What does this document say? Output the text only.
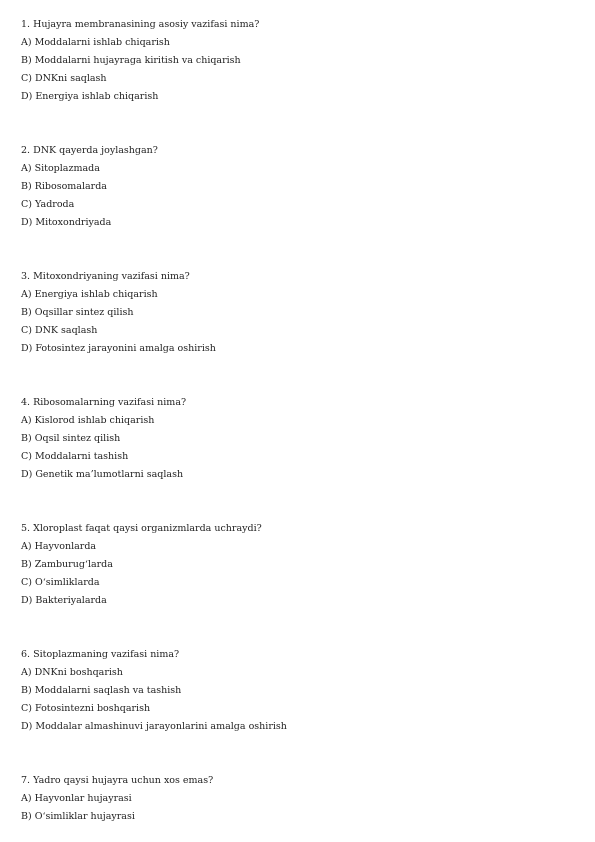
1. Hujayra membranasining asosiy vazifasi nima?
A) Moddalarni ishlab chiqarish
B) Moddalarni hujayraga kiritish va chiqarish
C) DNKni saqlash
D) Energiya ishlab chiqarish
2. DNK qayerda joylashgan?
A) Sitoplazmada
B) Ribosomalarda
C) Yadroda
D) Mitoxondriyada
3. Mitoxondriyaning vazifasi nima?
A) Energiya ishlab chiqarish
B) Oqsillar sintez qilish
C) DNK saqlash
D) Fotosintez jarayonini amalga oshirish
4. Ribosomalarning vazifasi nima?
A) Kislorod ishlab chiqarish
B) Oqsil sintez qilish
C) Moddalarni tashish
D) Genetik ma’lumotlarni saqlash
5. Xloroplast faqat qaysi organizmlarda uchraydi?
A) Hayvonlarda
B) Zamburug‘larda
C) O‘simliklarda
D) Bakteriyalarda
6. Sitoplazmaning vazifasi nima?
A) DNKni boshqarish
B) Moddalarni saqlash va tashish
C) Fotosintezni boshqarish
D) Moddalar almashinuvi jarayonlarini amalga oshirish
7. Yadro qaysi hujayra uchun xos emas?
A) Hayvonlar hujayrasi
B) O‘simliklar hujayrasi
